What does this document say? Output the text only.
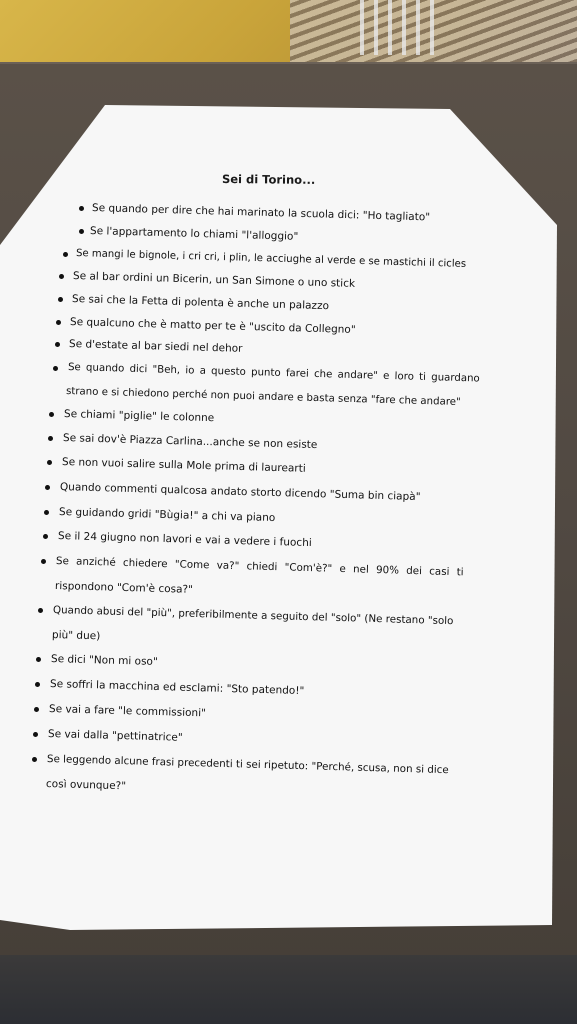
Sei di Torino...
Se quando per dire che hai marinato la scuola dici: "Ho tagliato"
Se l'appartamento lo chiami "l'alloggio"
Se mangi le bignole, i cri cri, i plin, le acciughe al verde e se mastichi il cicles
Se al bar ordini un Bicerin, un San Simone o uno stick
Se sai che la Fetta di polenta è anche un palazzo
Se qualcuno che è matto per te è "uscito da Collegno"
Se d'estate al bar siedi nel dehor
Se quando dici "Beh, io a questo punto farei che andare" e loro ti guardano
strano e si chiedono perché non puoi andare e basta senza "fare che andare"
Se chiami "piglie" le colonne
Se sai dov'è Piazza Carlina...anche se non esiste
Se non vuoi salire sulla Mole prima di laurearti
Quando commenti qualcosa andato storto dicendo "Suma bin ciapà"
Se guidando gridi "Bùgia!" a chi va piano
Se il 24 giugno non lavori e vai a vedere i fuochi
Se anziché chiedere "Come va?" chiedi "Com'è?" e nel 90% dei casi ti
rispondono "Com'è cosa?"
Quando abusi del "più", preferibilmente a seguito del "solo" (Ne restano "solo
più" due)
Se dici "Non mi oso"
Se soffri la macchina ed esclami: "Sto patendo!"
Se vai a fare "le commissioni"
Se vai dalla "pettinatrice"
Se leggendo alcune frasi precedenti ti sei ripetuto: "Perché, scusa, non si dice
così ovunque?"
